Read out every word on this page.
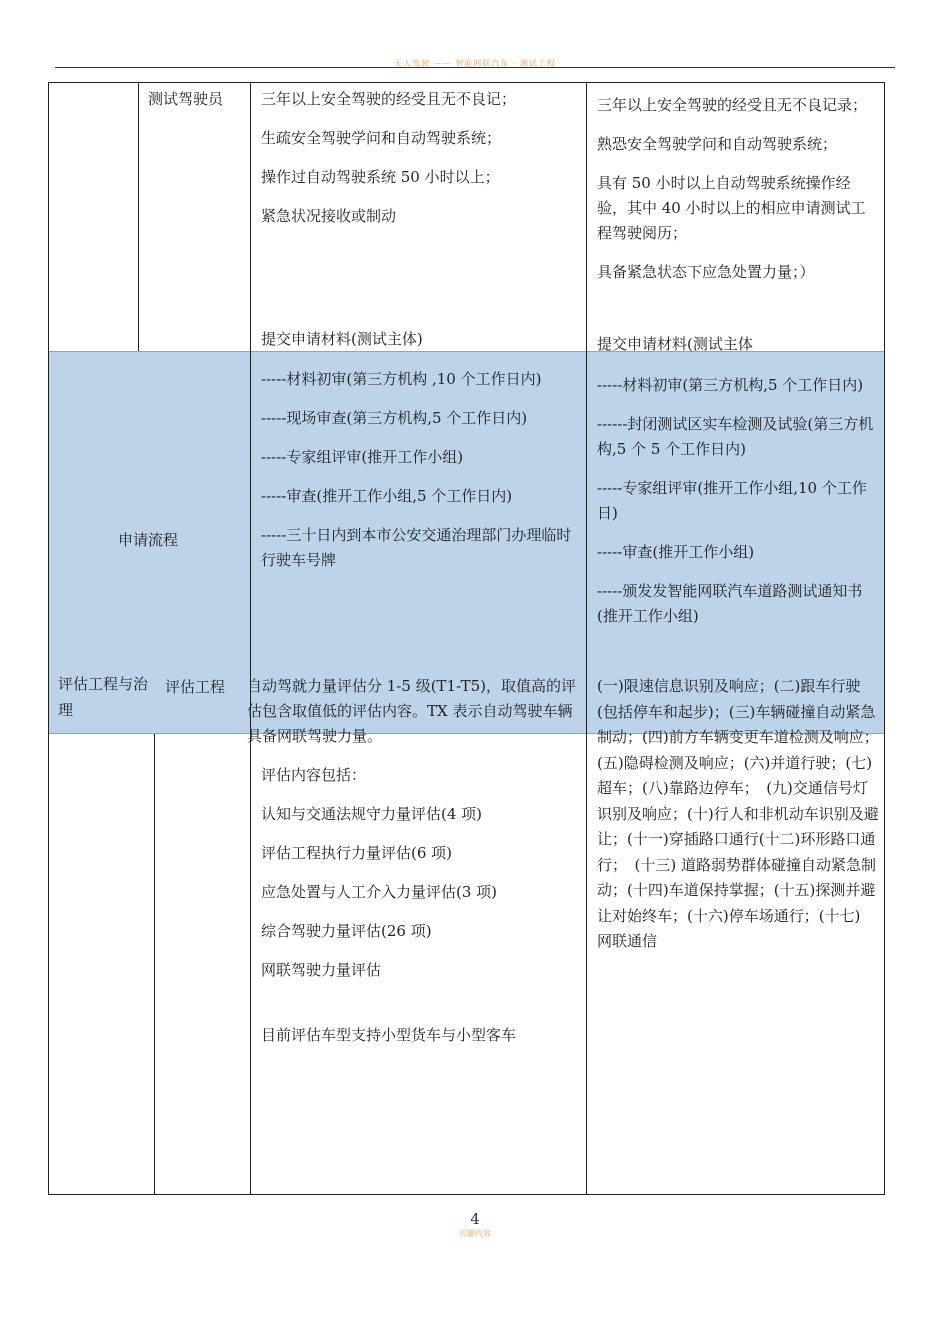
无人驾驶 —— 智能网联汽车 · 测试工程
测试驾驶员	三年以上安全驾驶的经受且无不良记；

生疏安全驾驶学问和自动驾驶系统；

操作过自动驾驶系统 50 小时以上；

紧急状况接收或制动

三年以上安全驾驶的经受且无不良记录；

熟恐安全驾驶学问和自动驾驶系统；

具有 50 小时以上自动驾驶系统操作经验，其中 40 小时以上的相应申请测试工程驾驶阅历；

具备紧急状态下应急处置力量；）

申请流程
提交申请材料(测试主体)

-----材料初审(第三方机构 ,10 个工作日内)

-----现场审查(第三方机构,5 个工作日内)

-----专家组评审(推开工作小组)

-----审查(推开工作小组,5 个工作日内)

-----三十日内到本市公安交通治理部门办理临时行驶车号牌

提交申请材料(测试主体

-----材料初审(第三方机构,5 个工作日内)

------封闭测试区实车检测及试验(第三方机构,5 个 5 个工作日内)

-----专家组评审(推开工作小组,10 个工作日)

-----审查(推开工作小组)

-----颁发发智能网联汽车道路测试通知书(推开工作小组)

评估工程与治理
评估工程 自动驾就力量评估分 1-5 级(T1-T5)，取值高的评估包含取值低的评估内容。TX 表示自动驾驶车辆具备网联驾驶力量。

评估内容包括：

认知与交通法规守力量评估(4 项)

评估工程执行力量评估(6 项)

应急处置与人工介入力量评估(3 项)

综合驾驶力量评估(26 项)

网联驾驶力量评估

目前评估车型支持小型货车与小型客车

(一)限速信息识别及响应；(二)跟车行驶(包括停车和起步)；(三)车辆碰撞自动紧急制动；(四)前方车辆变更车道检测及响应；(五)隐碍检测及响应；(六)并道行驶；(七)超车；(八)靠路边停车；　(九)交通信号灯识别及响应；(十)行人和非机动车识别及避让；(十一)穿插路口通行(十二)环形路口通行；　(十三) 道路弱势群体碰撞自动紧急制动；(十四)车道保持掌握；(十五)探测并避让对始终车；(十六)停车场通行；(十七) 网联通信
4
页脚内容
